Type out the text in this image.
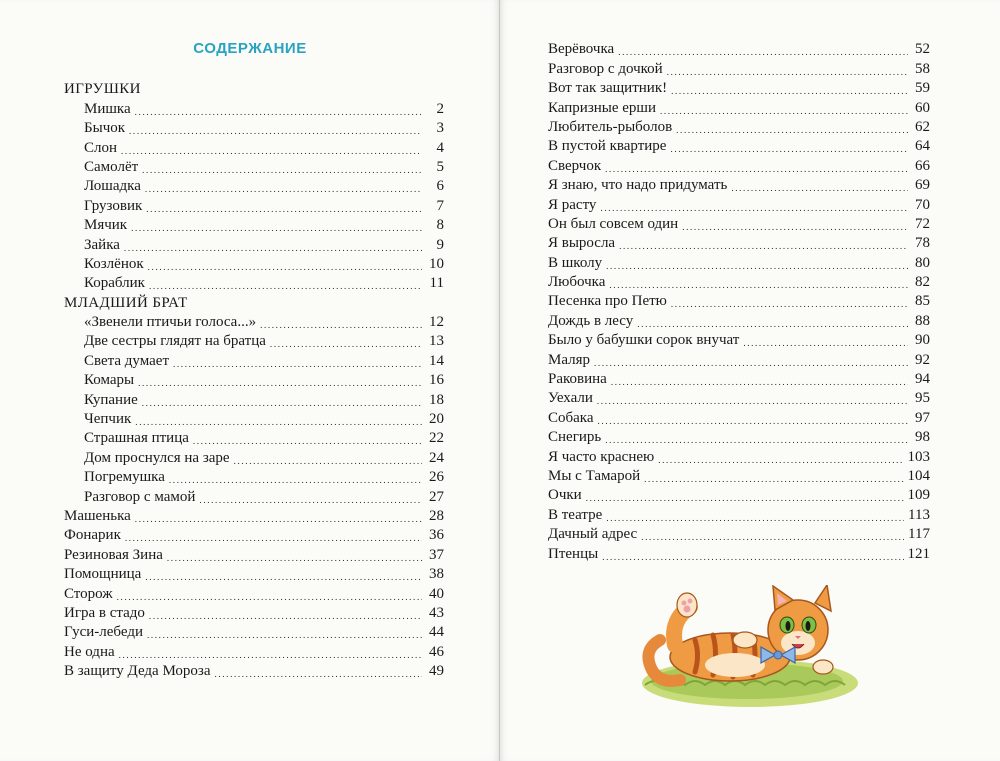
СОДЕРЖАНИЕ
ИГРУШКИ
Мишка . . .	2
Бычок . . .	3
Слон . . .	4
Самолёт . . .	5
Лошадка . . .	6
Грузовик . . .	7
Мячик . . .	8
Зайка . . .	9
Козлёнок . . .	10
Кораблик . . .	11
МЛАДШИЙ БРАТ
«Звенели птичьи голоса...» . . .	12
Две сестры глядят на братца . . .	13
Света думает . . .	14
Комары . . .	16
Купание . . .	18
Чепчик . . .	20
Страшная птица . . .	22
Дом проснулся на заре . . .	24
Погремушка . . .	26
Разговор с мамой . . .	27
Машенька . . .	28
Фонарик . . .	36
Резиновая Зина . . .	37
Помощница . . .	38
Сторож . . .	40
Игра в стадо . . .	43
Гуси-лебеди . . .	44
Не одна . . .	46
В защиту Деда Мороза . . .	49
Верёвочка . . .	52
Разговор с дочкой . . .	58
Вот так защитник! . . .	59
Капризные ерши . . .	60
Любитель-рыболов . . .	62
В пустой квартире . . .	64
Сверчок . . .	66
Я знаю, что надо придумать . . .	69
Я расту . . .	70
Он был совсем один . . .	72
Я выросла . . .	78
В школу . . .	80
Любочка . . .	82
Песенка про Петю . . .	85
Дождь в лесу . . .	88
Было у бабушки сорок внучат . . .	90
Маляр . . .	92
Раковина . . .	94
Уехали . . .	95
Собака . . .	97
Снегирь . . .	98
Я часто краснею . . .	103
Мы с Тамарой . . .	104
Очки . . .	109
В театре . . .	113
Дачный адрес . . .	117
Птенцы . . .	121
